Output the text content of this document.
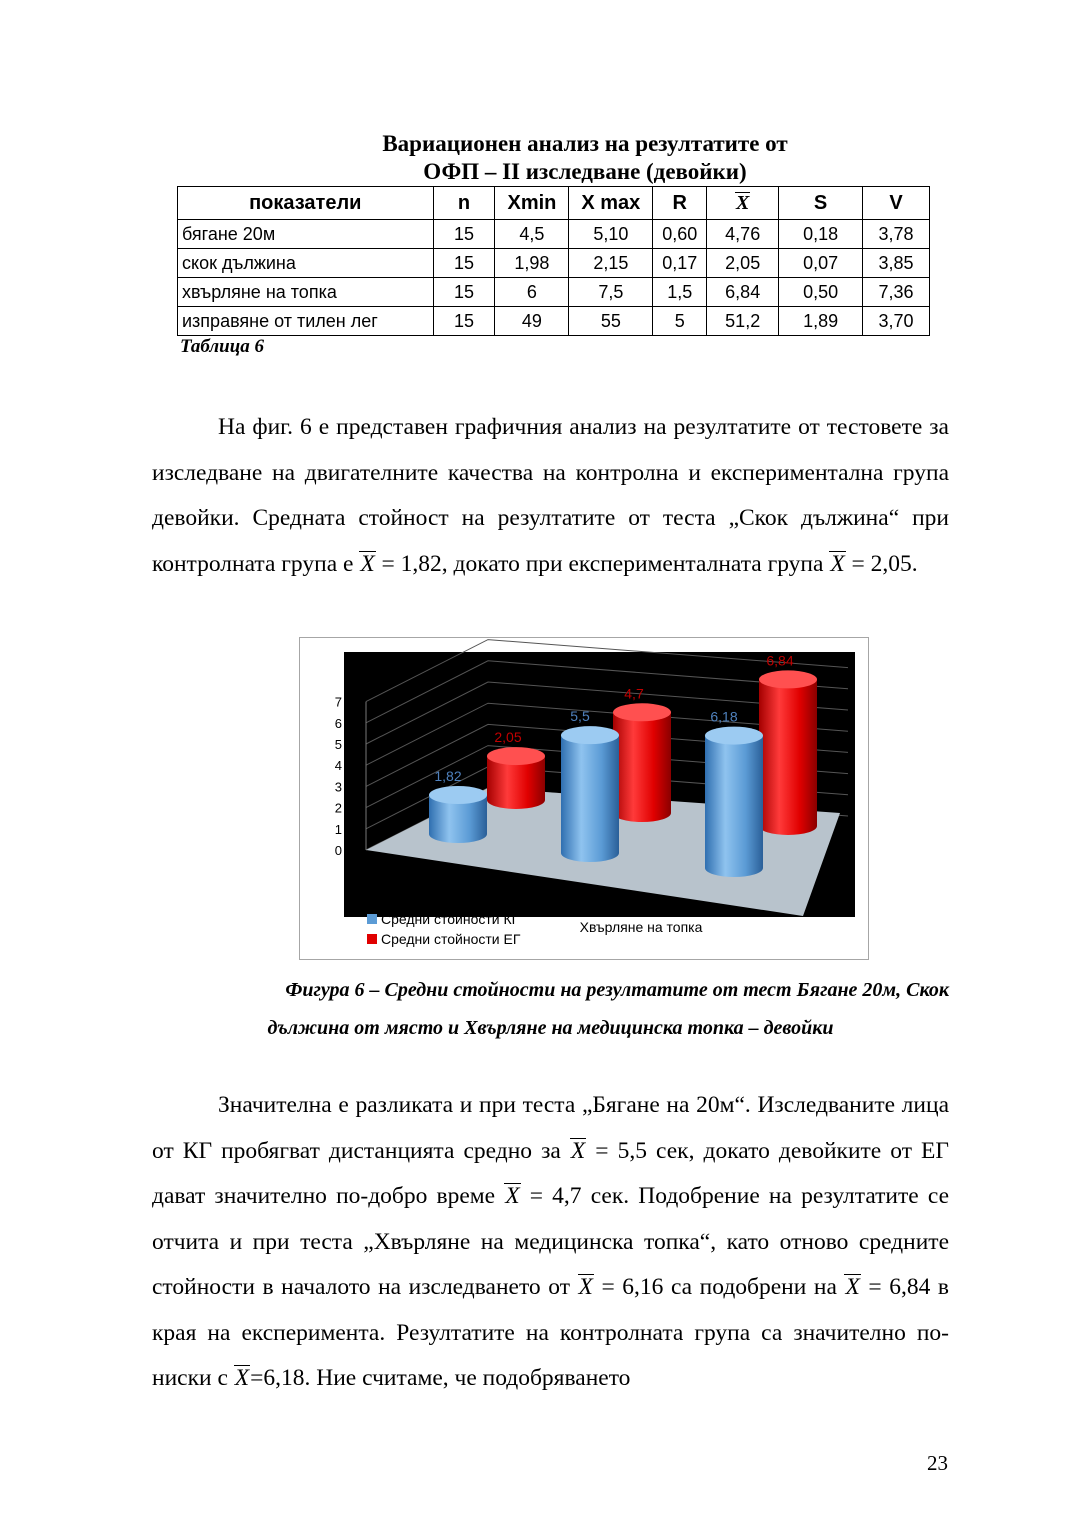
Вариационен анализ на резултатите от
ОФП – II изследване (девойки)
показатели	n	Xmin	X max	R	X	S	V
бягане 20м	15	4,5	5,10	0,60	4,76	0,18	3,78
скок дължина	15	1,98	2,15	0,17	2,05	0,07	3,85
хвърляне на топка	15	6	7,5	1,5	6,84	0,50	7,36
изправяне от тилен лег	15	49	55	5	51,2	1,89	3,70
Таблица 6
На фиг. 6 е представен графичния анализ на резултатите от тестовете за изследване на двигателните качества на контролна и експериментална група девойки. Средната стойност на резултатите от теста „Скок дължина“ при контролната група е X = 1,82, докато при експерименталната група X = 2,05.
0
1
2
3
4
5
6
7
2,05
4,7
6,84
1,82
5,5	6,18
Хвърляне на топка
Средни стойности КГ
Средни стойности ЕГ
Фигура 6 – Средни стойности на резултатите от тест Бягане 20м, Скок
дължина от място и Хвърляне на медицинска топка – девойки
Значителна е разликата и при теста „Бягане на 20м“. Изследваните лица от КГ пробягват дистанцията средно за X = 5,5 сек, докато девойките от ЕГ дават значително по-добро време X = 4,7 сек. Подобрение на резултатите се отчита и при теста „Хвърляне на медицинска топка“, като отново средните стойности в началото на изследването от X = 6,16 са подобрени на X = 6,84 в края на експеримента. Резултатите на контролната група са значително по-ниски с X=6,18. Ние считаме, че подобряването
23
